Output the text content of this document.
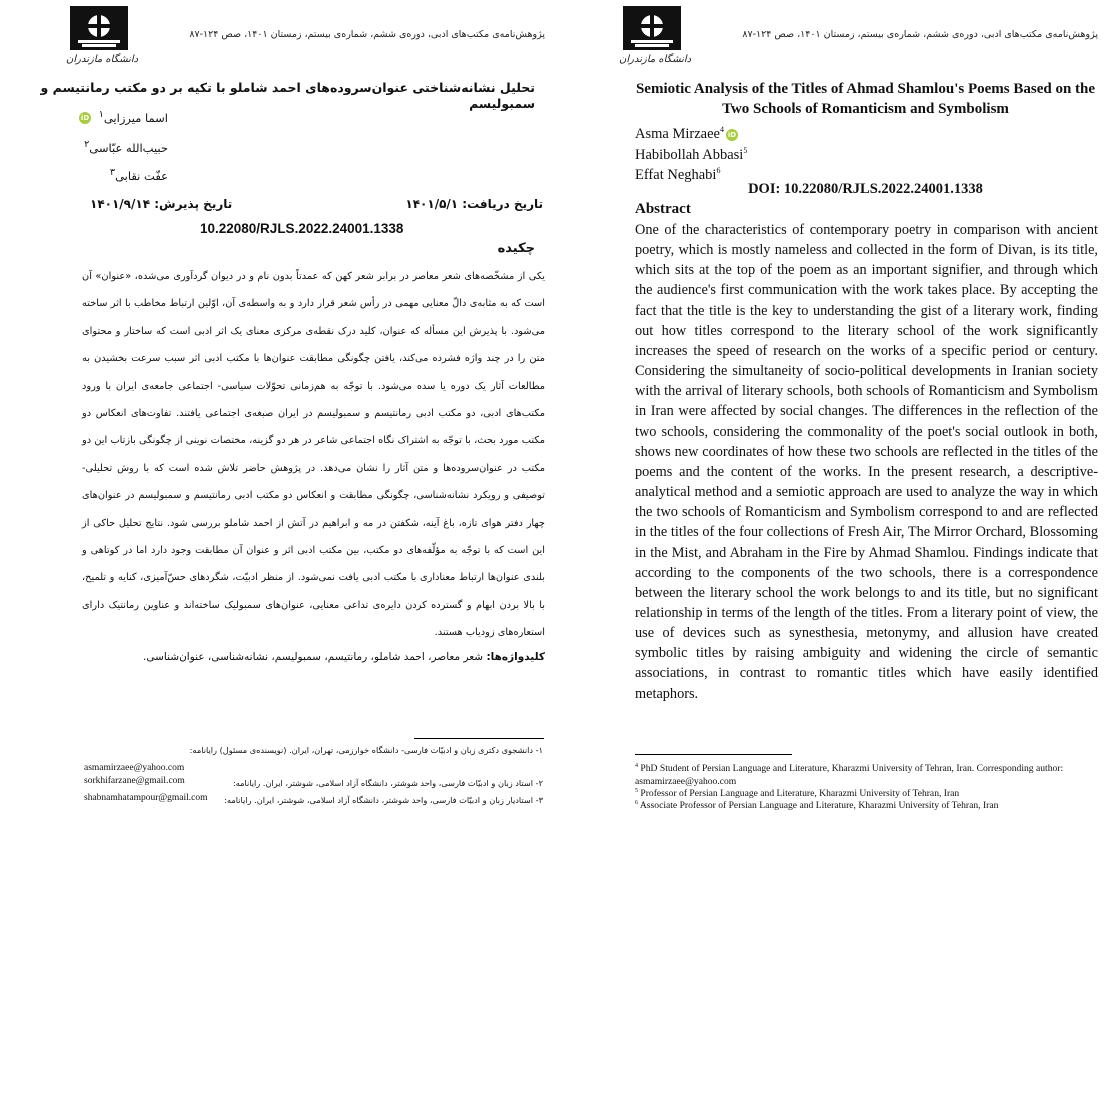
دانشگاه مازندران
پژوهش‌نامه‌ی مکتب‌های ادبی، دوره‌ی ششم، شماره‌ی بیستم، زمستان ۱۴۰۱، صص ۱۲۴-۸۷
تحلیل نشانه‌شناختی عنوان‌سروده‌های احمد شاملو با تکیه بر دو مکتب رمانتیسم و سمبولیسم
اسما میرزایی$^۱$ iD
حبیب‌الله عبّاسی$^۲$
عفّت نقابی$^۳$
تاریخ دریافت: ۱۴۰۱/۵/۱
تاریخ پذیرش: ۱۴۰۱/۹/۱۴
10.22080/RJLS.2022.24001.1338
چکیده
یکی از مشخّصه‌های شعر معاصر در برابر شعر کهن که عمدتاً بدون نام و در دیوان گردآوری می‌شده، «عنوان» آن است که به مثابه‌ی دالّ معنایی مهمی در رأس شعر قرار دارد و به واسطه‌ی آن، اوّلین ارتباط مخاطب با اثر ساخته می‌شود. با پذیرش این مسأله که عنوان، کلید درک نقطه‌ی مرکزی معنای یک اثر ادبی است که ساختار و محتوای متن را در چند واژه فشرده می‌کند، یافتن چگونگی مطابقت عنوان‌ها با مکتب ادبی اثر سبب سرعت بخشیدن به مطالعات آثار یک دوره یا سده می‌شود. با توجّه به هم‌زمانی تحوّلات سیاسی- اجتماعی جامعه‌ی ایران با ورود مکتب‌های ادبی، دو مکتب ادبی رمانتیسم و سمبولیسم در ایران صبغه‌ی اجتماعی یافتند. تفاوت‌های انعکاس دو مکتب مورد بحث، با توجّه به اشتراک نگاه اجتماعی شاعر در هر دو گزینه، مختصات نوینی از چگونگی بازتاب این دو مکتب در عنوان‌سروده‌ها و متن آثار را نشان می‌دهد. در پژوهش حاضر تلاش شده است که با روش تحلیلی- توصیفی و رویکرد نشانه‌شناسی، چگونگی مطابقت و انعکاس دو مکتب ادبی رمانتیسم و سمبولیسم در عنوان‌های چهار دفتر هوای تازه، باغ آینه، شکفتن در مه و ابراهیم در آتش از احمد شاملو بررسی شود. نتایج تحلیل حاکی از این است که با توجّه به مؤلّفه‌های دو مکتب، بین مکتب ادبی اثر و عنوان آن مطابقت وجود دارد اما در کوتاهی و بلندی عنوان‌ها ارتباط معناداری با مکتب ادبی یافت نمی‌شود. از منظر ادبیّت، شگردهای حسّ‌آمیزی، کنایه و تلمیح، با بالا بردن ابهام و گسترده کردن دایره‌ی تداعی معنایی، عنوان‌های سمبولیک ساخته‌اند و عناوین رمانتیک دارای استعاره‌های زودیاب هستند.
کلیدواژه‌ها: شعر معاصر، احمد شاملو، رمانتیسم، سمبولیسم، نشانه‌شناسی، عنوان‌شناسی.
۱- دانشجوی دکتری زبان و ادبیّات فارسی- دانشگاه خوارزمی، تهران، ایران. (نویسنده‌ی مسئول) رایانامه:
asmamirzaee@yahoo.com
۲- استاد زبان و ادبیّات فارسی، واحد شوشتر، دانشگاه آزاد اسلامی، شوشتر، ایران. رایانامه:
sorkhifarzane@gmail.com
۳- استادیار زبان و ادبیّات فارسی، واحد شوشتر، دانشگاه آزاد اسلامی، شوشتر، ایران. رایانامه:
shabnamhatampour@gmail.com
دانشگاه مازندران
پژوهش‌نامه‌ی مکتب‌های ادبی، دوره‌ی ششم، شماره‌ی بیستم، زمستان ۱۴۰۱، صص ۱۲۴-۸۷
Semiotic Analysis of the Titles of Ahmad Shamlou's Poems Based on the Two Schools of Romanticism and Symbolism
Asma Mirzaee$^4$iD
Habibollah Abbasi$^5$
Effat Neghabi$^6$
DOI: 10.22080/RJLS.2022.24001.1338
Abstract
One of the characteristics of contemporary poetry in comparison with ancient poetry, which is mostly nameless and collected in the form of Divan, is its title, which sits at the top of the poem as an important signifier, and through which the audience's first communication with the work takes place. By accepting the fact that the title is the key to understanding the gist of a literary work, finding out how titles correspond to the literary school of the work significantly increases the speed of research on the works of a specific period or century. Considering the simultaneity of socio-political developments in Iranian society with the arrival of literary schools, both schools of Romanticism and Symbolism in Iran were affected by social changes. The differences in the reflection of the two schools, considering the commonality of the poet's social outlook in both, shows new coordinates of how these two schools are reflected in the titles of the poems and the content of the works. In the present research, a descriptive-analytical method and a semiotic approach are used to analyze the way in which the two schools of Romanticism and Symbolism correspond to and are reflected in the titles of the four collections of Fresh Air, The Mirror Orchard, Blossoming in the Mist, and Abraham in the Fire by Ahmad Shamlou. Findings indicate that according to the components of the two schools, there is a correspondence between the literary school the work belongs to and its title, but no significant relationship in terms of the length of the titles. From a literary point of view, the use of devices such as synesthesia, metonymy, and allusion have created symbolic titles by raising ambiguity and widening the circle of semantic associations, in contrast to romantic titles which have easily identified metaphors.
$^4$ PhD Student of Persian Language and Literature, Kharazmi University of Tehran, Iran. Corresponding author: asmamirzaee@yahoo.com
$^5$ Professor of Persian Language and Literature, Kharazmi University of Tehran, Iran
$^6$ Associate Professor of Persian Language and Literature, Kharazmi University of Tehran, Iran
